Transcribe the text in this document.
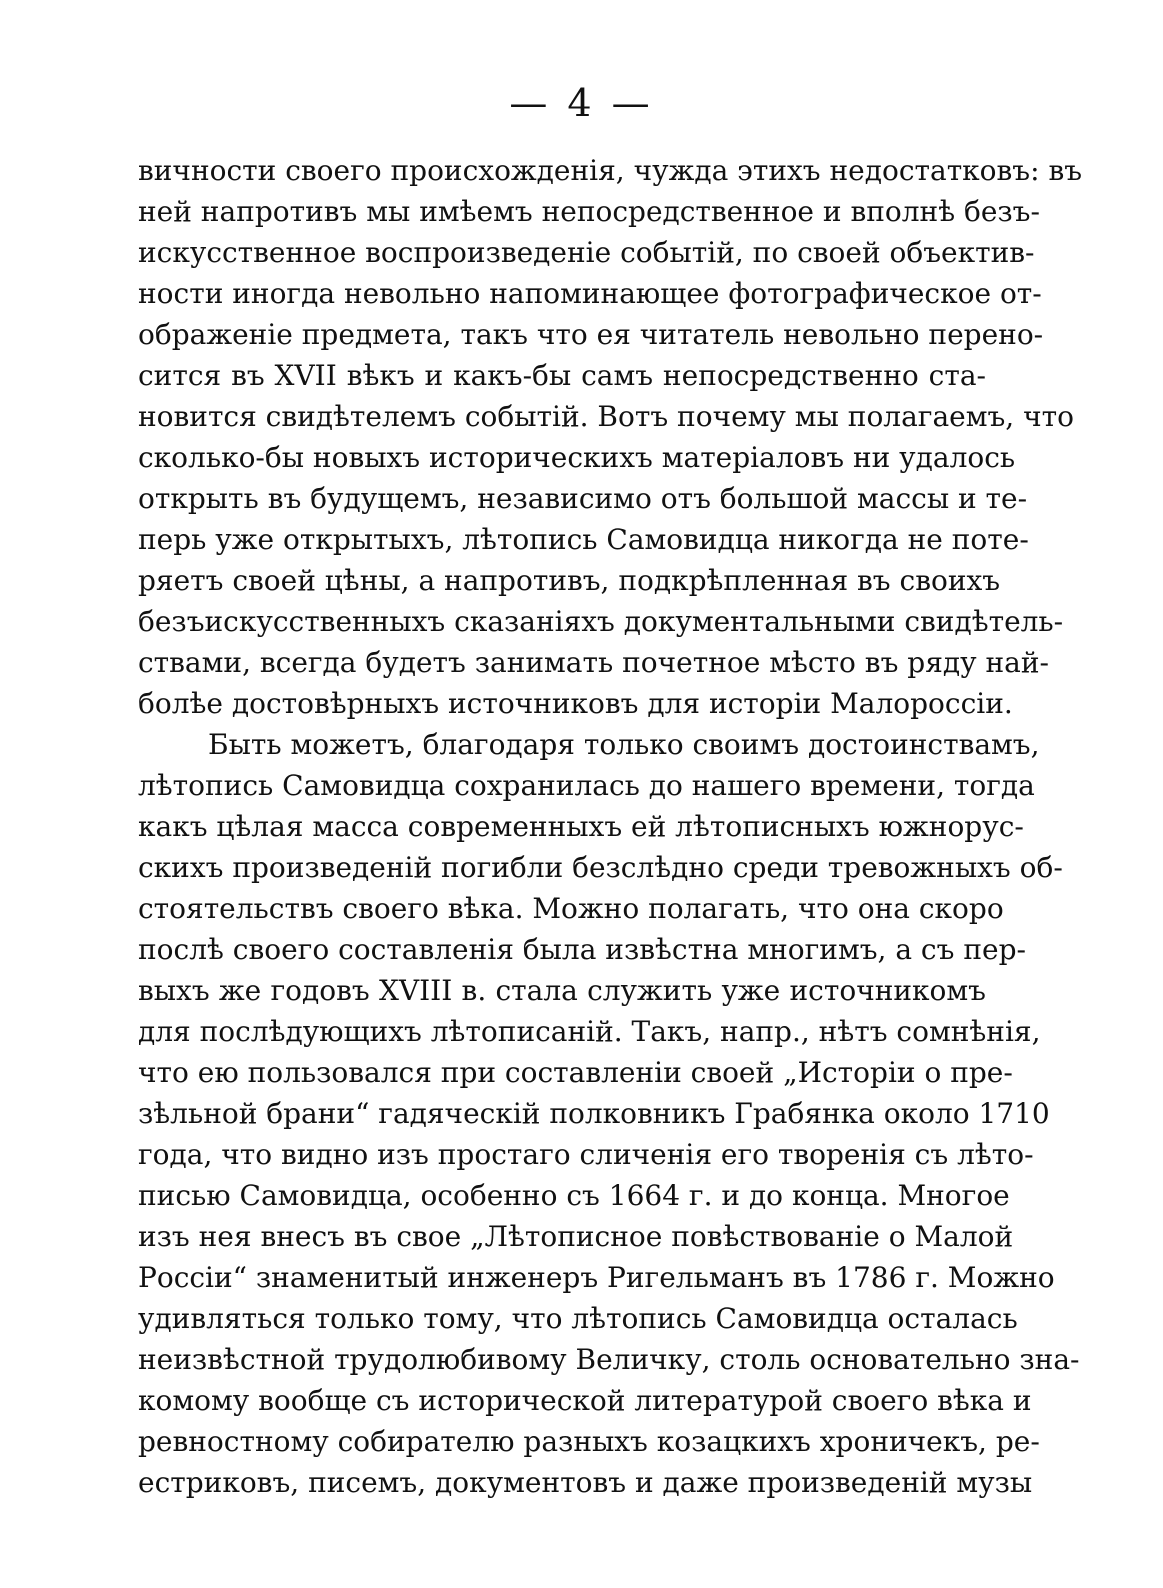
— 4 —
вичности своего происхожденія, чужда этихъ недостатковъ: въ
ней напротивъ мы имѣемъ непосредственное и вполнѣ безъ-
искусственное воспроизведеніе событій, по своей объектив-
ности иногда невольно напоминающее фотографическое от-
ображеніе предмета, такъ что ея читатель невольно перено-
сится въ XVII вѣкъ и какъ-бы самъ непосредственно ста-
новится свидѣтелемъ событій. Вотъ почему мы полагаемъ, что
сколько-бы новыхъ историческихъ матеріаловъ ни удалось
открыть въ будущемъ, независимо отъ большой массы и те-
перь уже открытыхъ, лѣтопись Самовидца никогда не поте-
ряетъ своей цѣны, а напротивъ, подкрѣпленная въ своихъ
безъискусственныхъ сказаніяхъ документальными свидѣтель-
ствами, всегда будетъ занимать почетное мѣсто въ ряду най-
болѣе достовѣрныхъ источниковъ для исторіи Малороссіи.
Быть можетъ, благодаря только своимъ достоинствамъ,
лѣтопись Самовидца сохранилась до нашего времени, тогда
какъ цѣлая масса современныхъ ей лѣтописныхъ южнорус-
скихъ произведеній погибли безслѣдно среди тревожныхъ об-
стоятельствъ своего вѣка. Можно полагать, что она скоро
послѣ своего составленія была извѣстна многимъ, а съ пер-
выхъ же годовъ XVIII в. стала служить уже источникомъ
для послѣдующихъ лѣтописаній. Такъ, напр., нѣтъ сомнѣнія,
что ею пользовался при составленіи своей „Исторіи о пре-
зѣльной брани“ гадяческій полковникъ Грабянка около 1710
года, что видно изъ простаго сличенія его творенія съ лѣто-
писью Самовидца, особенно съ 1664 г. и до конца. Многое
изъ нея внесъ въ свое „Лѣтописное повѣствованіе о Малой
Россіи“ знаменитый инженеръ Ригельманъ въ 1786 г. Можно
удивляться только тому, что лѣтопись Самовидца осталась
неизвѣстной трудолюбивому Величку, столь основательно зна-
комому вообще съ исторической литературой своего вѣка и
ревностному собирателю разныхъ козацкихъ хроничекъ, ре-
естриковъ, писемъ, документовъ и даже произведеній музы
